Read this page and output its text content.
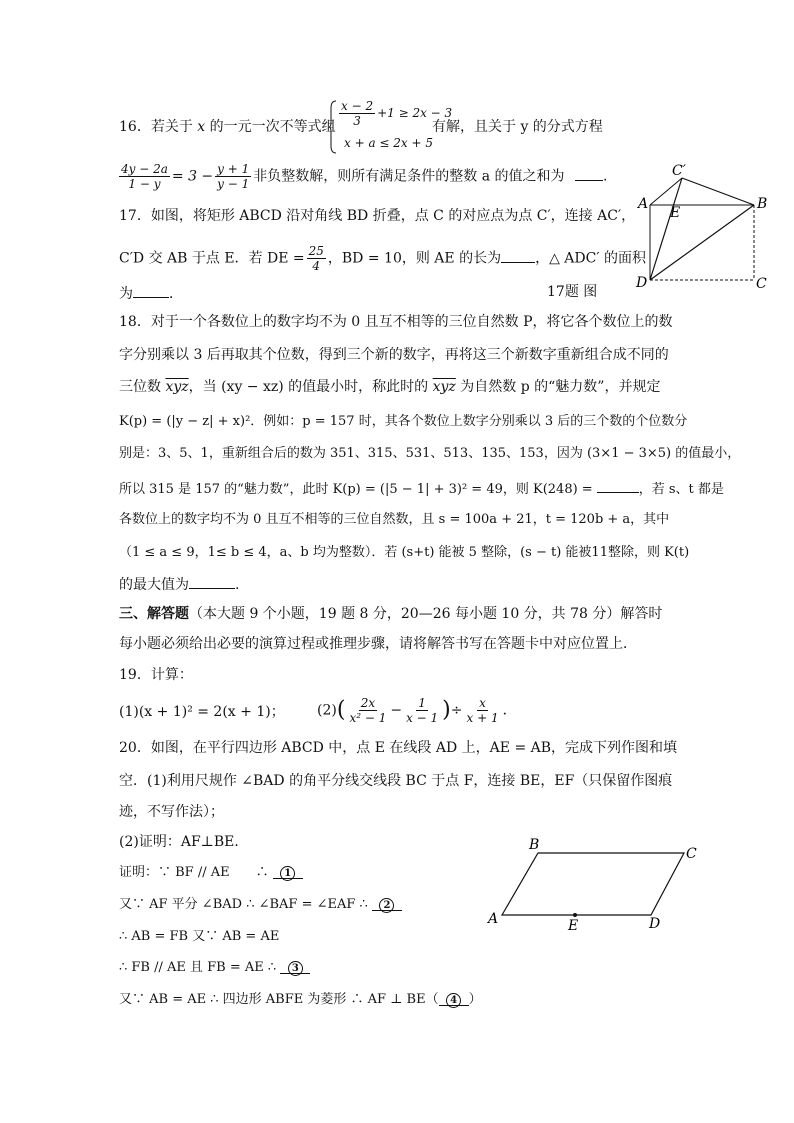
16．若关于 x 的一元一次不等式组 $\frac{x - 2}{3} +1 \ge 2x - 3$
x + a ≤ 2x + 5
有解，且关于 y 的分式方程
$\frac{4y - 2a}{1 - y} = 3 - \frac{y + 1}{y - 1}$ 非负整数解，则所有满足条件的整数 a 的值之和为	.
17．如图，将矩形 ABCD 沿对角线 BD 折叠，点 C 的对应点为点 C′，连接 AC′，
C′D 交 AB 于点 E．若 DE = $\frac{25}{4}$ ，BD = 10，则 AE 的长为 ，△ ADC′ 的面积
为	．	17题 图
A	B
C
D
E
C′
18．对于一个各数位上的数字均不为 0 且互不相等的三位自然数 P，将它各个数位上的数
字分别乘以 3 后再取其个位数，得到三个新的数字，再将这三个新数字重新组合成不同的
三位数 $\overline{xyz}$，当 (xy − xz) 的值最小时，称此时的 $\overline{xyz}$ 为自然数 p 的“魅力数”，并规定
K(p) = (|y − z| + x)²．例如：p = 157 时，其各个数位上数字分别乘以 3 后的三个数的个位数分
别是：3、5、1，重新组合后的数为 351、315、531、513、135、153，因为 (3×1 − 3×5) 的值最小，
所以 315 是 157 的“魅力数”，此时 K(p) = (|5 − 1| + 3)² = 49，则 K(248) =	，若 s、t 都是
各数位上的数字均不为 0 且互不相等的三位自然数，且 s = 100a + 21，t = 120b + a，其中
（1 ≤ a ≤ 9，1≤ b ≤ 4，a、b 均为整数）．若 (s+t) 能被 5 整除，(s − t) 能被11整除，则 K(t)
的最大值为	.
三、解答题（本大题 9 个小题，19 题 8 分，20—26 每小题 10 分，共 78 分）解答时
每小题必须给出必要的演算过程或推理步骤，请将解答书写在答题卡中对应位置上．
19．计算：
(1)(x + 1)² = 2(x + 1)； $(2)( \frac{2x}{\text{x² − 1}} - \frac{1}{x - 1}$ )÷ $\frac{x}{x + 1}$ ．
20．如图，在平行四边形 ABCD 中，点 E 在线段 AD 上，AE = AB，完成下列作图和填
空．(1)利用尺规作 ∠BAD 的角平分线交线段 BC 于点 F，连接 BE，EF（只保留作图痕
迹，不写作法）；
(2)证明：AF⊥BE．
证明：∵ BF // AE　　∴ 1
又∵ AF 平分 ∠BAD ∴ ∠BAF = ∠EAF ∴ 2
∴ AB = FB 又∵ AB = AE
∴ FB // AE 且 FB = AE ∴ 3
又∵ AB = AE ∴ 四边形 ABFE 为菱形 ∴ AF ⊥ BE（ 4 ）
A
B
C
D
E
